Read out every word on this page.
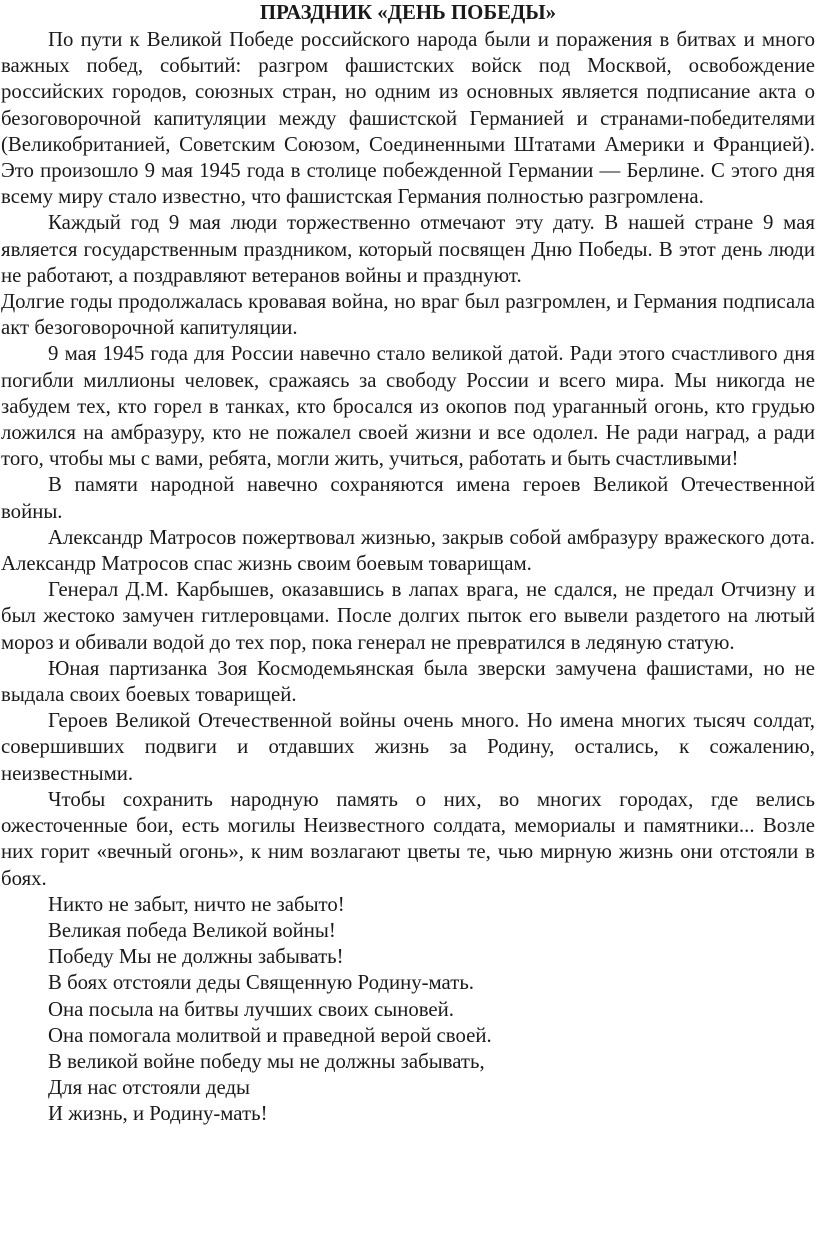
ПРАЗДНИК «ДЕНЬ ПОБЕДЫ»

По пути к Великой Победе российского народа были и поражения в битвах и много важных побед, событий: разгром фашистских войск под Москвой, освобождение российских городов, союзных стран, но одним из основных является подписание акта о безоговорочной капитуляции между фашистской Германией и странами-победителями (Великобританией, Советским Союзом, Соединенными Штатами Америки и Францией). Это произошло 9 мая 1945 года в столице побежденной Германии — Берлине. С этого дня всему миру стало известно, что фашистская Германия полностью разгромлена.

Каждый год 9 мая люди торжественно отмечают эту дату. В нашей стране 9 мая является государственным праздником, который посвящен Дню Победы. В этот день люди не работают, а поздравляют ветеранов войны и празднуют.

Долгие годы продолжалась кровавая война, но враг был разгромлен, и Германия подписала акт безоговорочной капитуляции.

9 мая 1945 года для России навечно стало великой датой. Ради этого счастливого дня погибли миллионы человек, сражаясь за свободу России и всего мира. Мы никогда не забудем тех, кто горел в танках, кто бросался из окопов под ураганный огонь, кто грудью ложился на амбразуру, кто не пожалел своей жизни и все одолел. Не ради наград, а ради того, чтобы мы с вами, ребята, могли жить, учиться, работать и быть счастливыми!

В памяти народной навечно сохраняются имена героев Великой Отечественной войны.

Александр Матросов пожертвовал жизнью, закрыв собой амбразуру вражеского дота. Александр Матросов спас жизнь своим боевым товарищам.

Генерал Д.М. Карбышев, оказавшись в лапах врага, не сдался, не предал Отчизну и был жестоко замучен гитлеровцами. После долгих пыток его вывели раздетого на лютый мороз и обивали водой до тех пор, пока генерал не превратился в ледяную статую.

Юная партизанка Зоя Космодемьянская была зверски замучена фашистами, но не выдала своих боевых товарищей.

Героев Великой Отечественной войны очень много. Но имена многих тысяч солдат, совершивших подвиги и отдавших жизнь за Родину, остались, к сожалению, неизвестными.

Чтобы сохранить народную память о них, во многих городах, где велись ожесточенные бои, есть могилы Неизвестного солдата, мемориалы и памятники... Возле них горит «вечный огонь», к ним возлагают цветы те, чью мирную жизнь они отстояли в боях.

Никто не забыт, ничто не забыто!
Великая победа Великой войны!
Победу Мы не должны забывать!
В боях отстояли деды Священную Родину-мать.
Она посыла на битвы лучших своих сыновей.
Она помогала молитвой и праведной верой своей.
В великой войне победу мы не должны забывать,
Для нас отстояли деды
И жизнь, и Родину-мать!
